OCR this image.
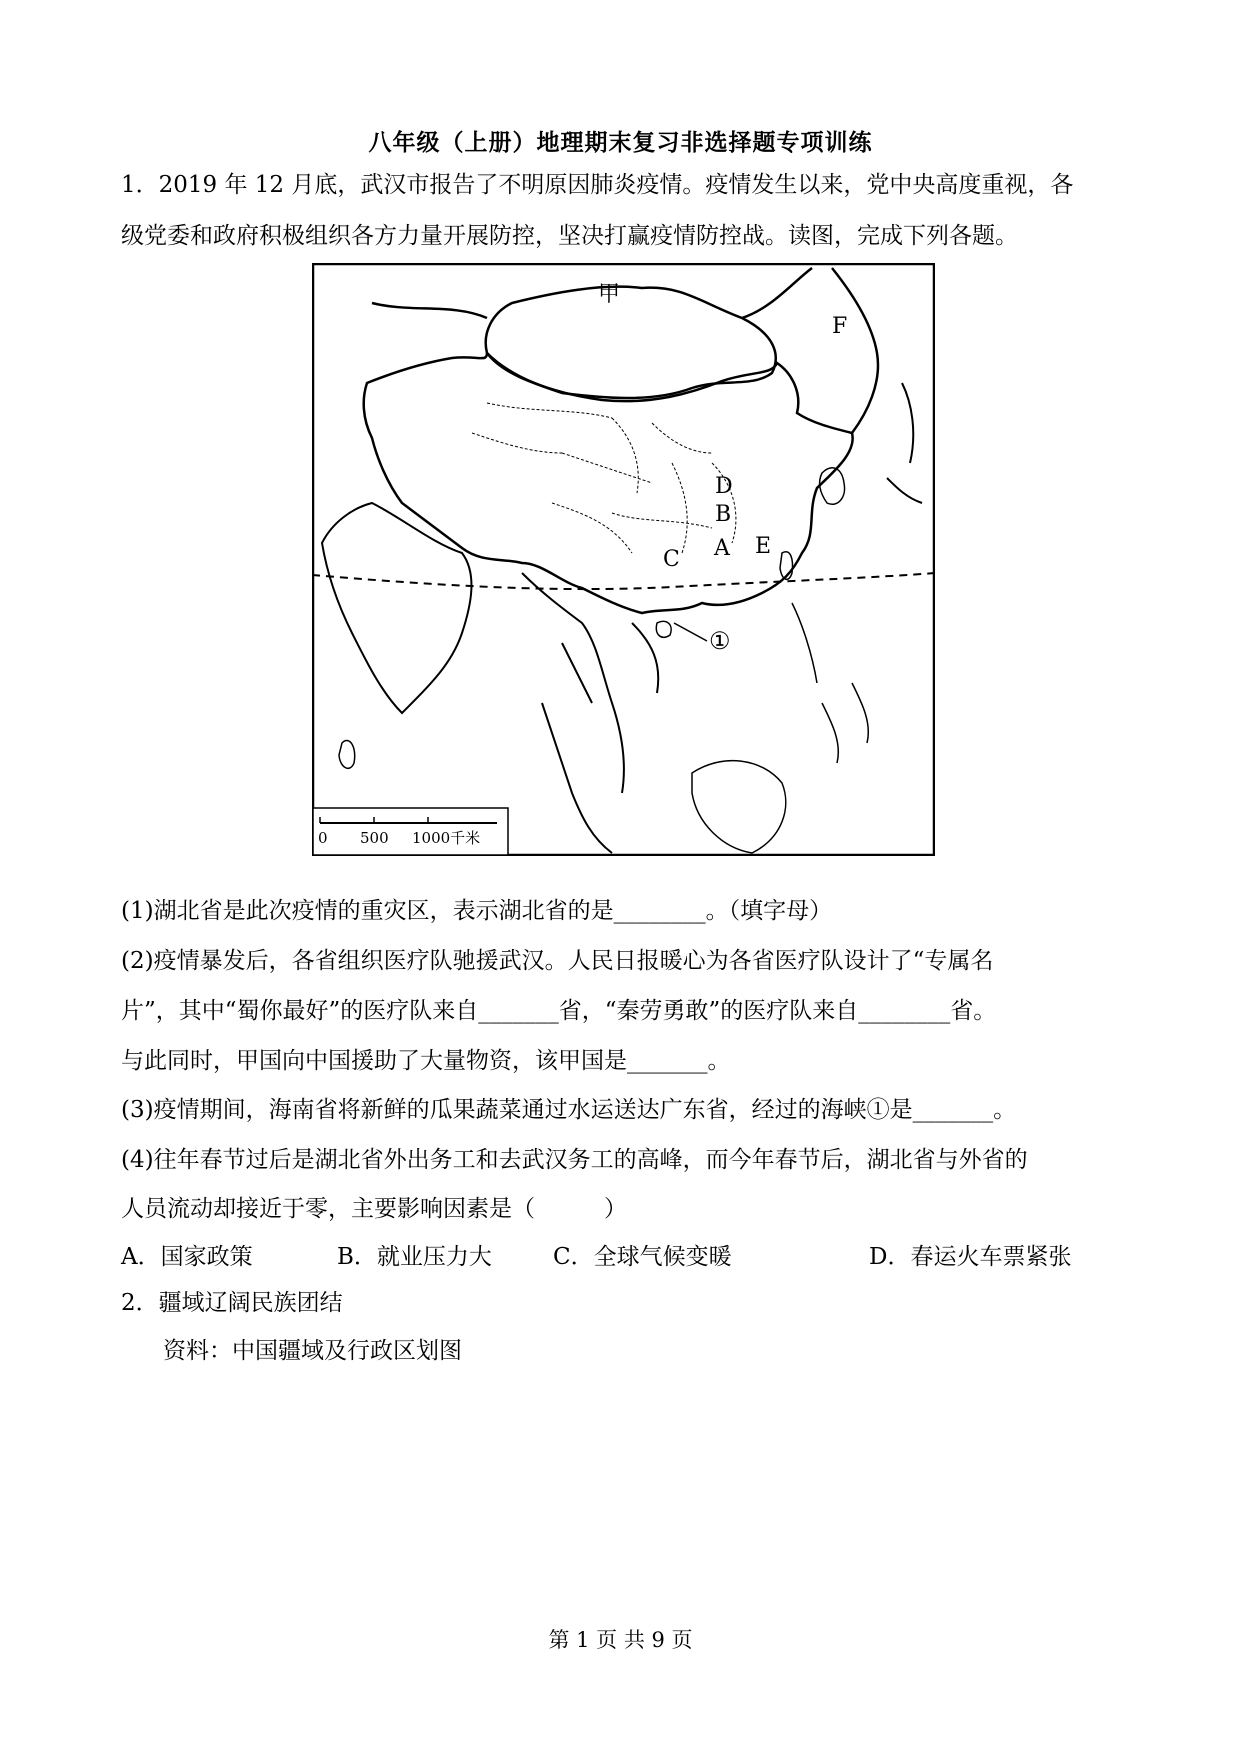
八年级（上册）地理期末复习非选择题专项训练
1．2019 年 12 月底，武汉市报告了不明原因肺炎疫情。疫情发生以来，党中央高度重视，各
级党委和政府积极组织各方力量开展防控，坚决打赢疫情防控战。读图，完成下列各题。
甲
F
D
B
A E
C
①
0 500 1000千米
(1)湖北省是此次疫情的重灾区，表示湖北省的是________。（填字母）
(2)疫情暴发后，各省组织医疗队驰援武汉。人民日报暖心为各省医疗队设计了“专属名
片”，其中“蜀你最好”的医疗队来自_______省，“秦劳勇敢”的医疗队来自________省。
与此同时，甲国向中国援助了大量物资，该甲国是_______。
(3)疫情期间，海南省将新鲜的瓜果蔬菜通过水运送达广东省，经过的海峡①是_______。
(4)往年春节过后是湖北省外出务工和去武汉务工的高峰，而今年春节后，湖北省与外省的
人员流动却接近于零，主要影响因素是（　　　）
A．国家政策	B．就业压力大	C．全球气候变暖	D．春运火车票紧张
2．疆域辽阔民族团结
资料：中国疆域及行政区划图
第 1 页 共 9 页
